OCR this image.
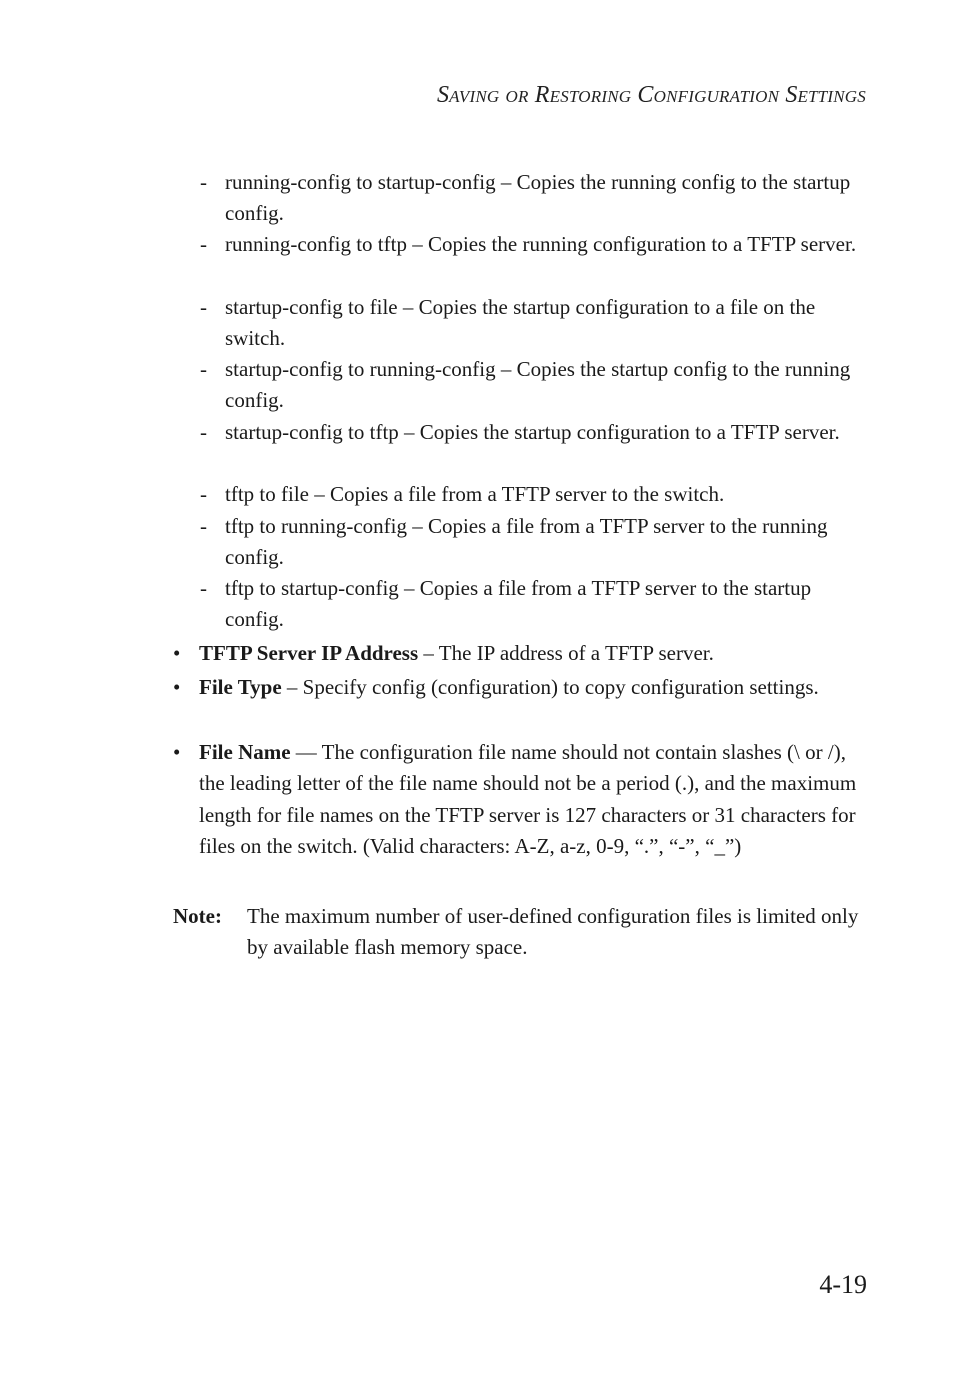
Saving or Restoring Configuration Settings
- running-config to startup-config – Copies the running config to the startup config.
- running-config to tftp – Copies the running configuration to a TFTP server.
- startup-config to file – Copies the startup configuration to a file on the switch.
- startup-config to running-config – Copies the startup config to the running config.
- startup-config to tftp – Copies the startup configuration to a TFTP server.
- tftp to file – Copies a file from a TFTP server to the switch.
- tftp to running-config – Copies a file from a TFTP server to the running config.
- tftp to startup-config – Copies a file from a TFTP server to the startup config.
• TFTP Server IP Address – The IP address of a TFTP server.
• File Type – Specify config (configuration) to copy configuration settings.
• File Name — The configuration file name should not contain slashes (\ or /), the leading letter of the file name should not be a period (.), and the maximum length for file names on the TFTP server is 127 characters or 31 characters for files on the switch. (Valid characters: A-Z, a-z, 0-9, “.”, “-”, “_”)
Note: The maximum number of user-defined configuration files is limited only by available flash memory space.
4-19
